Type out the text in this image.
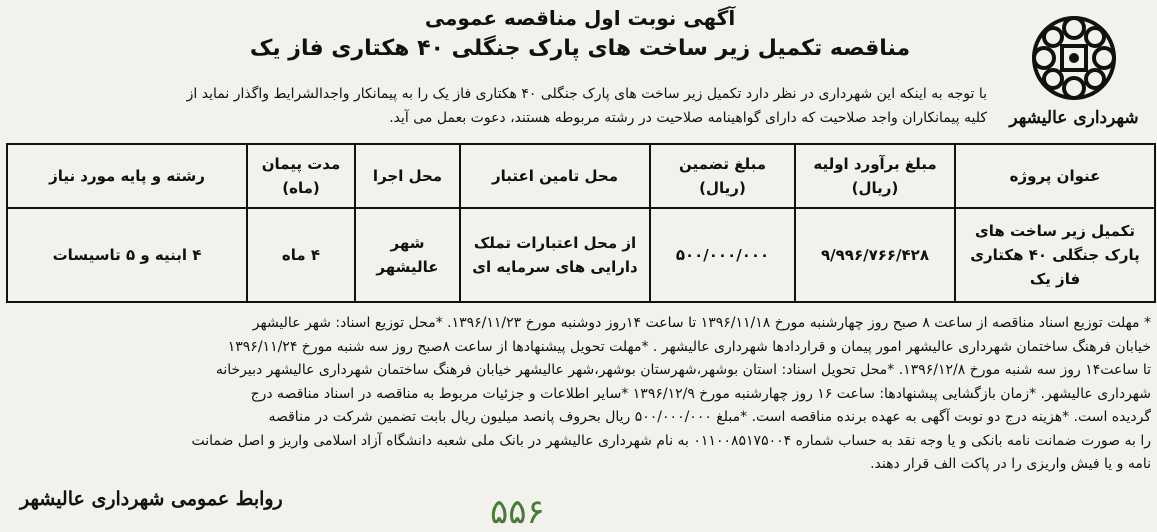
شهرداری عالیشهر
آگهی نوبت اول مناقصه عمومی
مناقصه تکمیل زیر ساخت های پارک جنگلی ۴۰ هکتاری فاز یک
با توجه به اینکه این شهرداری در نظر دارد تکمیل زیر ساخت های پارک جنگلی ۴۰ هکتاری فاز یک را به پیمانکار واجدالشرایط واگذار نماید از
کلیه پیمانکاران واجد صلاحیت که دارای گواهینامه صلاحیت در رشته مربوطه هستند، دعوت بعمل می آید.
عنوان پروژه	مبلغ برآورد اولیه (ریال)	مبلغ تضمین (ریال)	محل تامین اعتبار	محل اجرا	مدت پیمان (ماه)	رشته و پایه مورد نیاز
تکمیل زیر ساخت های پارک جنگلی ۴۰ هکتاری فاز یک	۹/۹۹۶/۷۶۶/۴۲۸	۵۰۰/۰۰۰/۰۰۰	از محل اعتبارات تملک دارایی های سرمایه ای	شهر عالیشهر	۴ ماه	۴ ابنیه و ۵ تاسیسات
* مهلت توزیع اسناد مناقصه از ساعت ۸ صبح روز چهارشنبه مورخ ۱۳۹۶/۱۱/۱۸ تا ساعت ۱۴روز دوشنبه مورخ ۱۳۹۶/۱۱/۲۳. *محل توزیع اسناد: شهر عالیشهر
خیابان فرهنگ ساختمان شهرداری عالیشهر امور پیمان و قراردادها شهرداری عالیشهر . *مهلت تحویل پیشنهادها از ساعت ۸صبح روز سه شنبه مورخ ۱۳۹۶/۱۱/۲۴
تا ساعت۱۴ روز سه شنبه مورخ ۱۳۹۶/۱۲/۸. *محل تحویل اسناد: استان بوشهر،شهرستان بوشهر،شهر عالیشهر خیابان فرهنگ ساختمان شهرداری عالیشهر دبیرخانه
شهرداری عالیشهر. *زمان بازگشایی پیشنهادها: ساعت ۱۶ روز چهارشنبه مورخ ۱۳۹۶/۱۲/۹ *سایر اطلاعات و جزئیات مربوط به مناقصه در اسناد مناقصه درج
گردیده است. *هزینه درج دو نوبت آگهی به عهده برنده مناقصه است. *مبلغ ۵۰۰/۰۰۰/۰۰۰ ریال بحروف پانصد میلیون ریال بابت تضمین شرکت در مناقصه
را به صورت ضمانت نامه بانکی و یا وجه نقد به حساب شماره ۰۱۱۰۰۸۵۱۷۵۰۰۴ به نام شهرداری عالیشهر در بانک ملی شعبه دانشگاه آزاد اسلامی واریز و اصل ضمانت
نامه و یا فیش واریزی را در پاکت الف قرار دهند.
۵۵۶
روابط عمومی شهرداری عالیشهر
